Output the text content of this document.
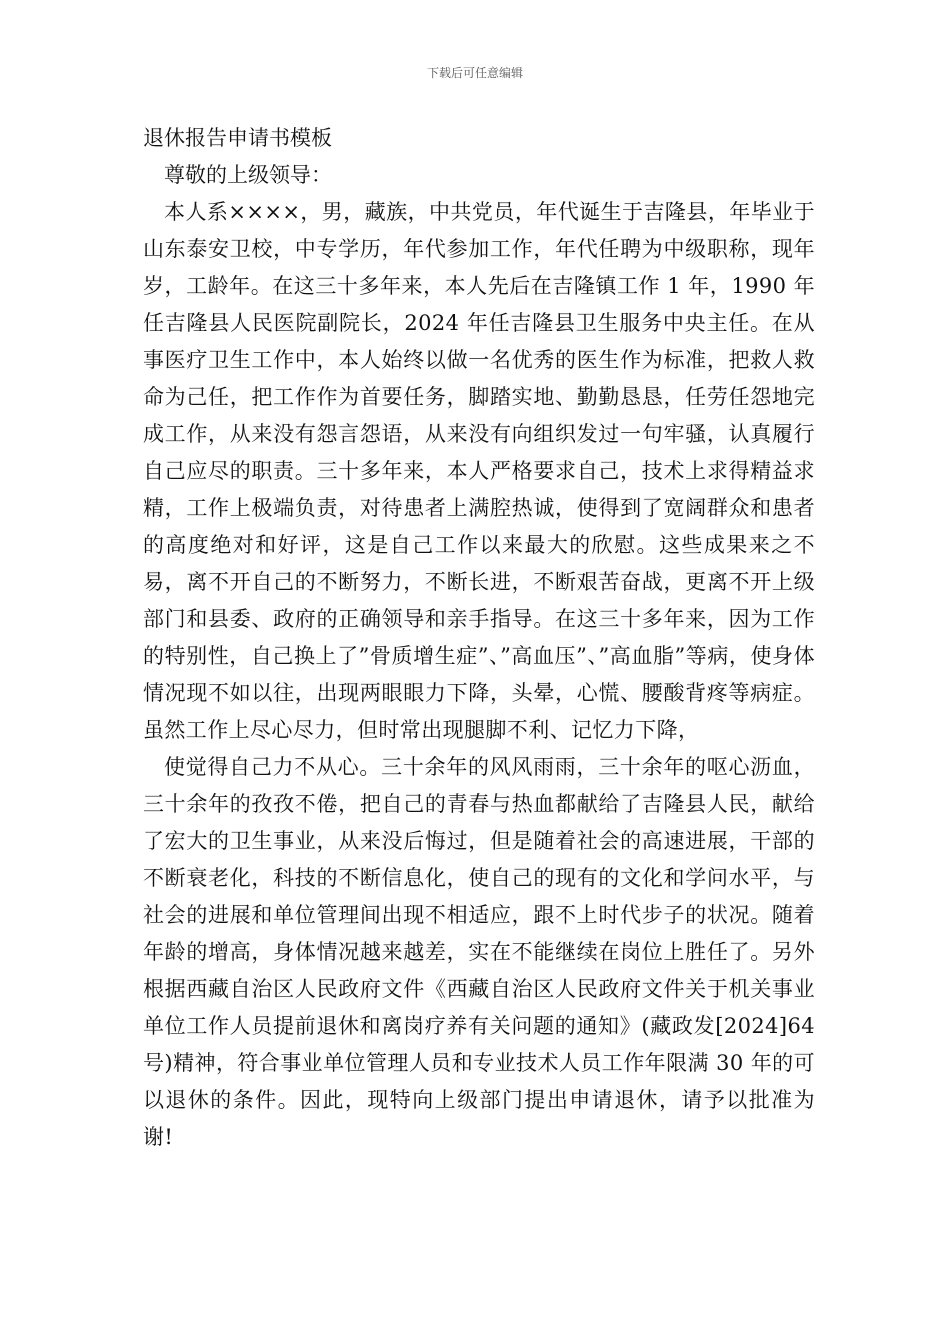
下载后可任意编辑
退休报告申请书模板

尊敬的上级领导：

本人系××××，男，藏族，中共党员，年代诞生于吉隆县，年毕业于山东泰安卫校，中专学历，年代参加工作，年代任聘为中级职称，现年岁，工龄年。在这三十多年来，本人先后在吉隆镇工作 1 年，1990 年任吉隆县人民医院副院长，2024 年任吉隆县卫生服务中央主任。在从事医疗卫生工作中，本人始终以做一名优秀的医生作为标准，把救人救命为己任，把工作作为首要任务，脚踏实地、勤勤恳恳，任劳任怨地完成工作，从来没有怨言怨语，从来没有向组织发过一句牢骚，认真履行自己应尽的职责。三十多年来，本人严格要求自己，技术上求得精益求精，工作上极端负责，对待患者上满腔热诚，使得到了宽阔群众和患者的高度绝对和好评，这是自己工作以来最大的欣慰。这些成果来之不易，离不开自己的不断努力，不断长进，不断艰苦奋战，更离不开上级部门和县委、政府的正确领导和亲手指导。在这三十多年来，因为工作的特别性，自己换上了”骨质增生症”、”高血压”、”高血脂”等病，使身体情况现不如以往，出现两眼眼力下降，头晕，心慌、腰酸背疼等病症。虽然工作上尽心尽力，但时常出现腿脚不利、记忆力下降，

使觉得自己力不从心。三十余年的风风雨雨，三十余年的呕心沥血，三十余年的孜孜不倦，把自己的青春与热血都献给了吉隆县人民，献给了宏大的卫生事业，从来没后悔过，但是随着社会的高速进展，干部的不断衰老化，科技的不断信息化，使自己的现有的文化和学问水平，与社会的进展和单位管理间出现不相适应，跟不上时代步子的状况。随着年龄的增高，身体情况越来越差，实在不能继续在岗位上胜任了。另外根据西藏自治区人民政府文件《西藏自治区人民政府文件关于机关事业单位工作人员提前退休和离岗疗养有关问题的通知》(藏政发[2024]64 号)精神，符合事业单位管理人员和专业技术人员工作年限满 30 年的可以退休的条件。因此，现特向上级部门提出申请退休，请予以批准为谢!
